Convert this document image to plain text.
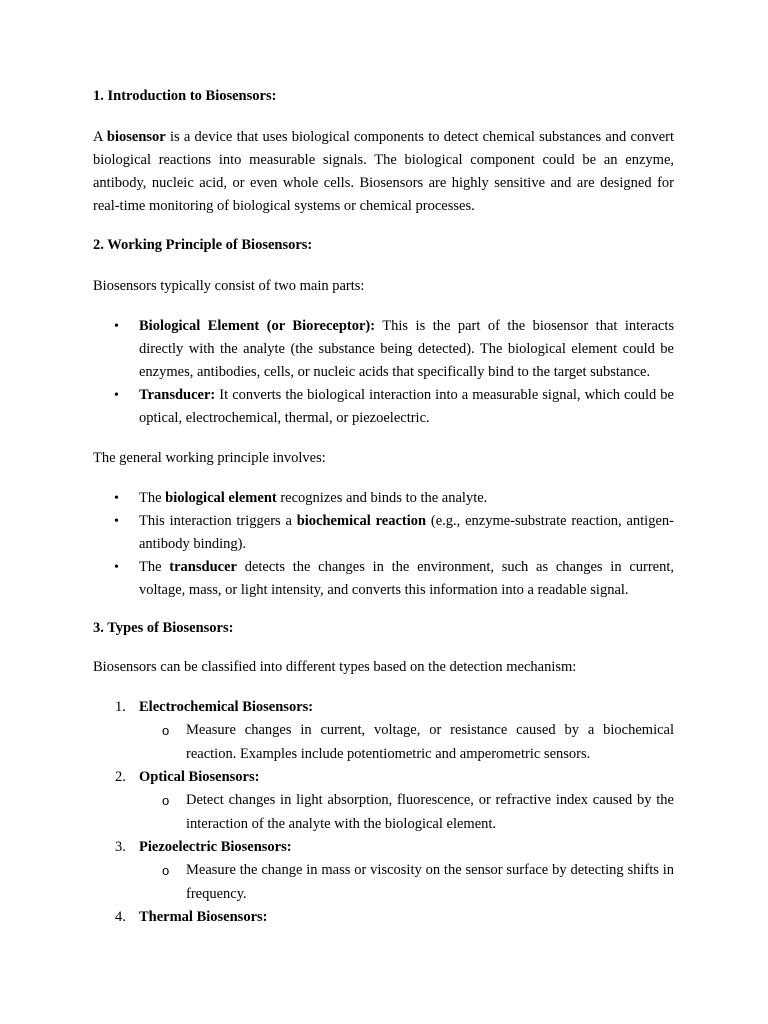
1. Introduction to Biosensors:

A biosensor is a device that uses biological components to detect chemical substances and convert biological reactions into measurable signals. The biological component could be an enzyme, antibody, nucleic acid, or even whole cells. Biosensors are highly sensitive and are designed for real-time monitoring of biological systems or chemical processes.

2. Working Principle of Biosensors:

Biosensors typically consist of two main parts:

• Biological Element (or Bioreceptor): This is the part of the biosensor that interacts directly with the analyte (the substance being detected). The biological element could be enzymes, antibodies, cells, or nucleic acids that specifically bind to the target substance.
• Transducer: It converts the biological interaction into a measurable signal, which could be optical, electrochemical, thermal, or piezoelectric.

The general working principle involves:

• The biological element recognizes and binds to the analyte.
• This interaction triggers a biochemical reaction (e.g., enzyme-substrate reaction, antigen-antibody binding).
• The transducer detects the changes in the environment, such as changes in current, voltage, mass, or light intensity, and converts this information into a readable signal.
3. Types of Biosensors:

Biosensors can be classified into different types based on the detection mechanism:

1. Electrochemical Biosensors:
o Measure changes in current, voltage, or resistance caused by a biochemical reaction. Examples include potentiometric and amperometric sensors.
2. Optical Biosensors:
o Detect changes in light absorption, fluorescence, or refractive index caused by the interaction of the analyte with the biological element.
3. Piezoelectric Biosensors:
o Measure the change in mass or viscosity on the sensor surface by detecting shifts in frequency.
4. Thermal Biosensors:
